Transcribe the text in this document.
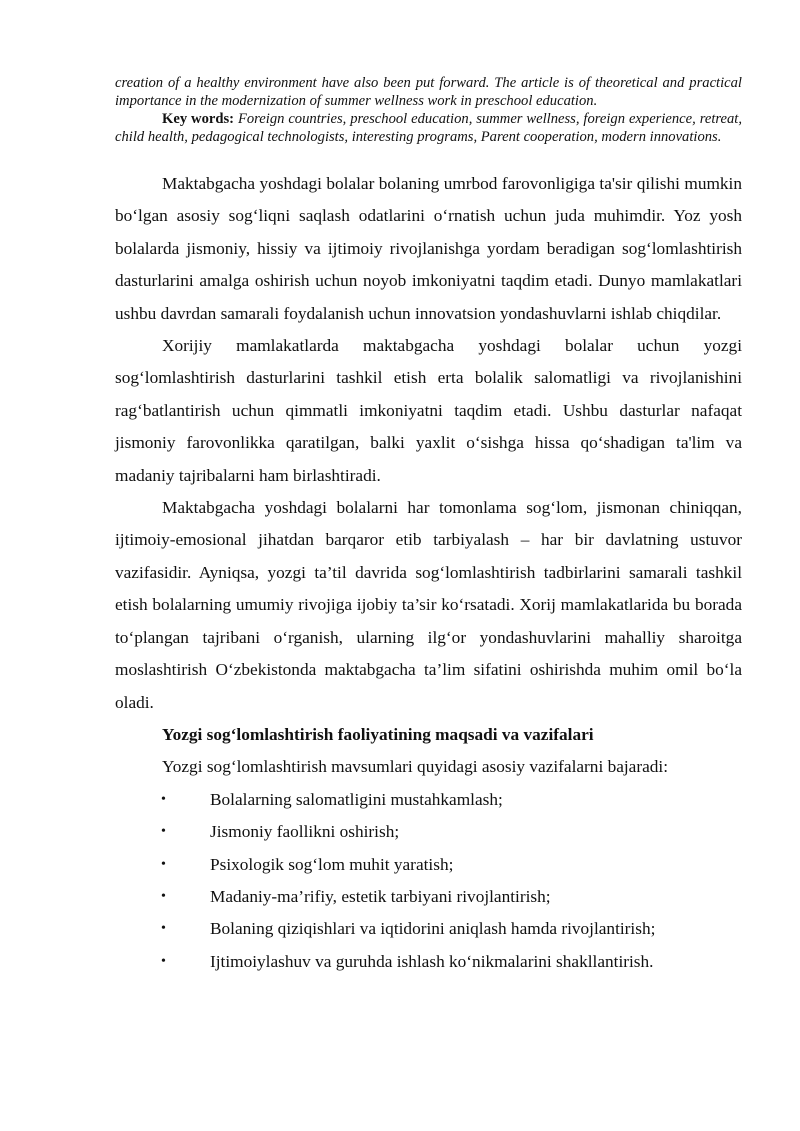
creation of a healthy environment have also been put forward. The article is of theoretical and practical importance in the modernization of summer wellness work in preschool education.

Key words: Foreign countries, preschool education, summer wellness, foreign experience, retreat, child health, pedagogical technologists, interesting programs, Parent cooperation, modern innovations.

Maktabgacha yoshdagi bolalar bolaning umrbod farovonligiga ta'sir qilishi mumkin bo‘lgan asosiy sog‘liqni saqlash odatlarini o‘rnatish uchun juda muhimdir. Yoz yosh bolalarda jismoniy, hissiy va ijtimoiy rivojlanishga yordam beradigan sog‘lomlashtirish dasturlarini amalga oshirish uchun noyob imkoniyatni taqdim etadi. Dunyo mamlakatlari ushbu davrdan samarali foydalanish uchun innovatsion yondashuvlarni ishlab chiqdilar.

Xorijiy mamlakatlarda maktabgacha yoshdagi bolalar uchun yozgi sog‘lomlashtirish dasturlarini tashkil etish erta bolalik salomatligi va rivojlanishini rag‘batlantirish uchun qimmatli imkoniyatni taqdim etadi. Ushbu dasturlar nafaqat jismoniy farovonlikka qaratilgan, balki yaxlit o‘sishga hissa qo‘shadigan ta'lim va madaniy tajribalarni ham birlashtiradi.

Maktabgacha yoshdagi bolalarni har tomonlama sog‘lom, jismonan chiniqqan, ijtimoiy-emosional jihatdan barqaror etib tarbiyalash – har bir davlatning ustuvor vazifasidir. Ayniqsa, yozgi ta’til davrida sog‘lomlashtirish tadbirlarini samarali tashkil etish bolalarning umumiy rivojiga ijobiy ta’sir ko‘rsatadi. Xorij mamlakatlarida bu borada to‘plangan tajribani o‘rganish, ularning ilg‘or yondashuvlarini mahalliy sharoitga moslashtirish O‘zbekistonda maktabgacha ta’lim sifatini oshirishda muhim omil bo‘la oladi.

Yozgi sog‘lomlashtirish faoliyatining maqsadi va vazifalari

Yozgi sog‘lomlashtirish mavsumlari quyidagi asosiy vazifalarni bajaradi:

•	Bolalarning salomatligini mustahkamlash;
•	Jismoniy faollikni oshirish;
•	Psixologik sog‘lom muhit yaratish;
•	Madaniy-ma’rifiy, estetik tarbiyani rivojlantirish;
•	Bolaning qiziqishlari va iqtidorini aniqlash hamda rivojlantirish;
•	Ijtimoiylashuv va guruhda ishlash ko‘nikmalarini shakllantirish.
